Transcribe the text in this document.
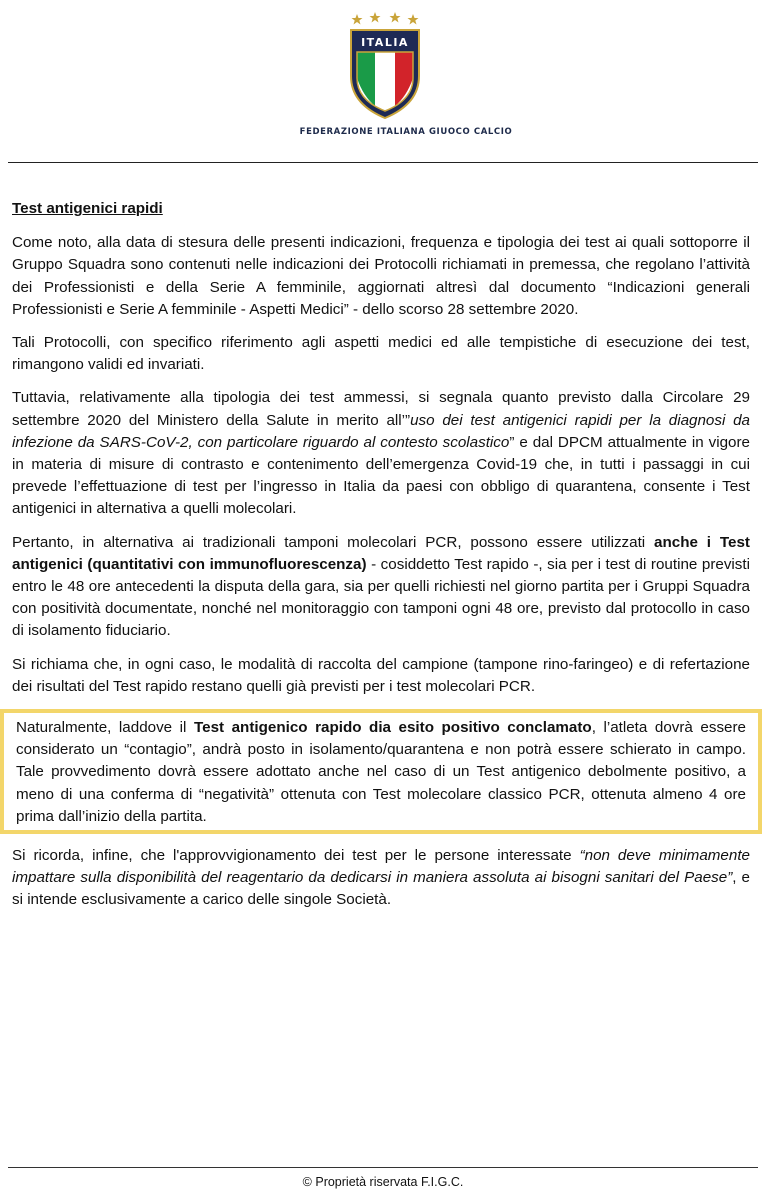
ITALIA
FEDERAZIONE ITALIANA GIUOCO CALCIO
Test antigenici rapidi

Come noto, alla data di stesura delle presenti indicazioni, frequenza e tipologia dei test ai quali sottoporre il Gruppo Squadra sono contenuti nelle indicazioni dei Protocolli richiamati in premessa, che regolano l’attività dei Professionisti e della Serie A femminile, aggiornati altresì dal documento “Indicazioni generali Professionisti e Serie A femminile - Aspetti Medici” - dello scorso 28 settembre 2020.

Tali Protocolli, con specifico riferimento agli aspetti medici ed alle tempistiche di esecuzione dei test, rimangono validi ed invariati.

Tuttavia, relativamente alla tipologia dei test ammessi, si segnala quanto previsto dalla Circolare 29 settembre 2020 del Ministero della Salute in merito all’”uso dei test antigenici rapidi per la diagnosi da infezione da SARS-CoV-2, con particolare riguardo al contesto scolastico” e dal DPCM attualmente in vigore in materia di misure di contrasto e contenimento dell’emergenza Covid-19 che, in tutti i passaggi in cui prevede l’effettuazione di test per l’ingresso in Italia da paesi con obbligo di quarantena, consente i Test antigenici in alternativa a quelli molecolari.

Pertanto, in alternativa ai tradizionali tamponi molecolari PCR, possono essere utilizzati anche i Test antigenici (quantitativi con immunofluorescenza) - cosiddetto Test rapido -, sia per i test di routine previsti entro le 48 ore antecedenti la disputa della gara, sia per quelli richiesti nel giorno partita per i Gruppi Squadra con positività documentate, nonché nel monitoraggio con tamponi ogni 48 ore, previsto dal protocollo in caso di isolamento fiduciario.

Si richiama che, in ogni caso, le modalità di raccolta del campione (tampone rino-faringeo) e di refertazione dei risultati del Test rapido restano quelli già previsti per i test molecolari PCR.

Naturalmente, laddove il Test antigenico rapido dia esito positivo conclamato, l’atleta dovrà essere considerato un “contagio”, andrà posto in isolamento/quarantena e non potrà essere schierato in campo. Tale provvedimento dovrà essere adottato anche nel caso di un Test antigenico debolmente positivo, a meno di una conferma di “negatività” ottenuta con Test molecolare classico PCR, ottenuta almeno 4 ore prima dall’inizio della partita.

Si ricorda, infine, che l'approvvigionamento dei test per le persone interessate “non deve minimamente impattare sulla disponibilità del reagentario da dedicarsi in maniera assoluta ai bisogni sanitari del Paese”, e si intende esclusivamente a carico delle singole Società.

© Proprietà riservata F.I.G.C.
